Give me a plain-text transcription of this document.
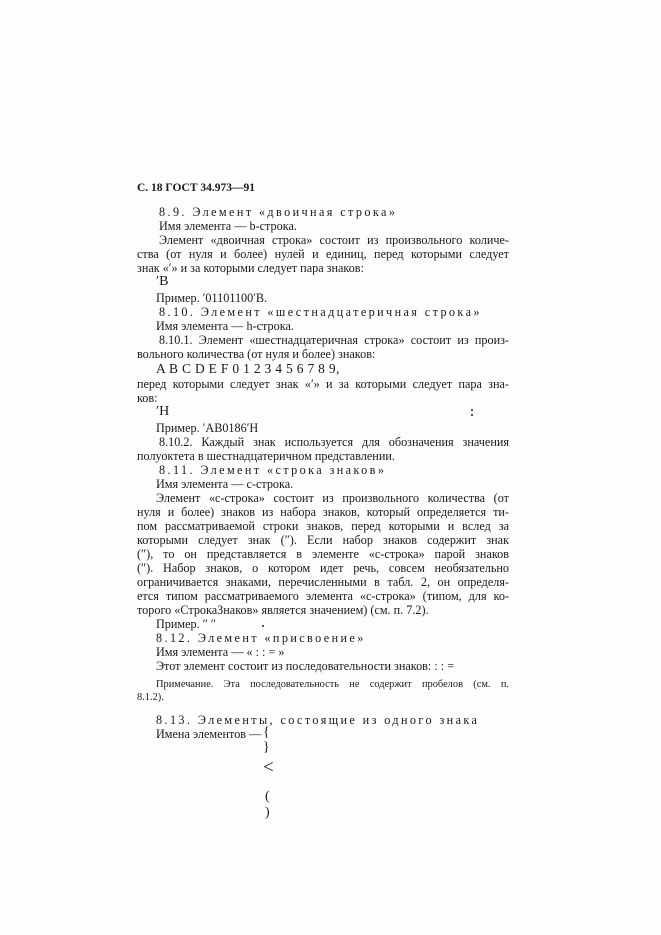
С. 18 ГОСТ 34.973—91
8.9. Элемент «двоичная строка»
Имя элемента — b-строка.
Элемент «двоичная строка» состоит из произвольного количе-
ства (от нуля и более) нулей и единиц, перед которыми следует
знак «′» и за которыми следует пара знаков:
′B
Пример. ′01101100′B.
8.10. Элемент «шестнадцатеричная строка»
Имя элемента — h-строка.
8.10.1. Элемент «шестнадцатеричная строка» состоит из произ-
вольного количества (от нуля и более) знаков:
A B C D E F 0 1 2 3 4 5 6 7 8 9,
перед которыми следует знак «′» и за которыми следует пара зна-
ков:
′H
Пример. ′AB0186′H
8.10.2. Каждый знак используется для обозначения значения
полуоктета в шестнадцатеричном представлении.
8.11. Элемент «строка знаков»
Имя элемента — c-строка.
Элемент «c-строка» состоит из произвольного количества (от
нуля и более) знаков из набора знаков, который определяется ти-
пом рассматриваемой строки знаков, перед которыми и вслед за
которыми следует знак (″). Если набор знаков содержит знак
(″), то он представляется в элементе «c-строка» парой знаков
(″). Набор знаков, о котором идет речь, совсем необязательно
ограничивается знаками, перечисленными в табл. 2, он определя-
ется типом рассматриваемого элемента «c-строка» (типом, для ко-
торого «СтрокаЗнаков» является значением) (см. п. 7.2).
Пример. ″ ″
8.12. Элемент «присвоение»
Имя элемента — « : : = »
Этот элемент состоит из последовательности знаков: : : =
Примечание. Эта последовательность не содержит пробелов (см. п.
8.1.2).
8.13. Элементы, состоящие из одного знака
Имена элементов — {
}
<
(
)
